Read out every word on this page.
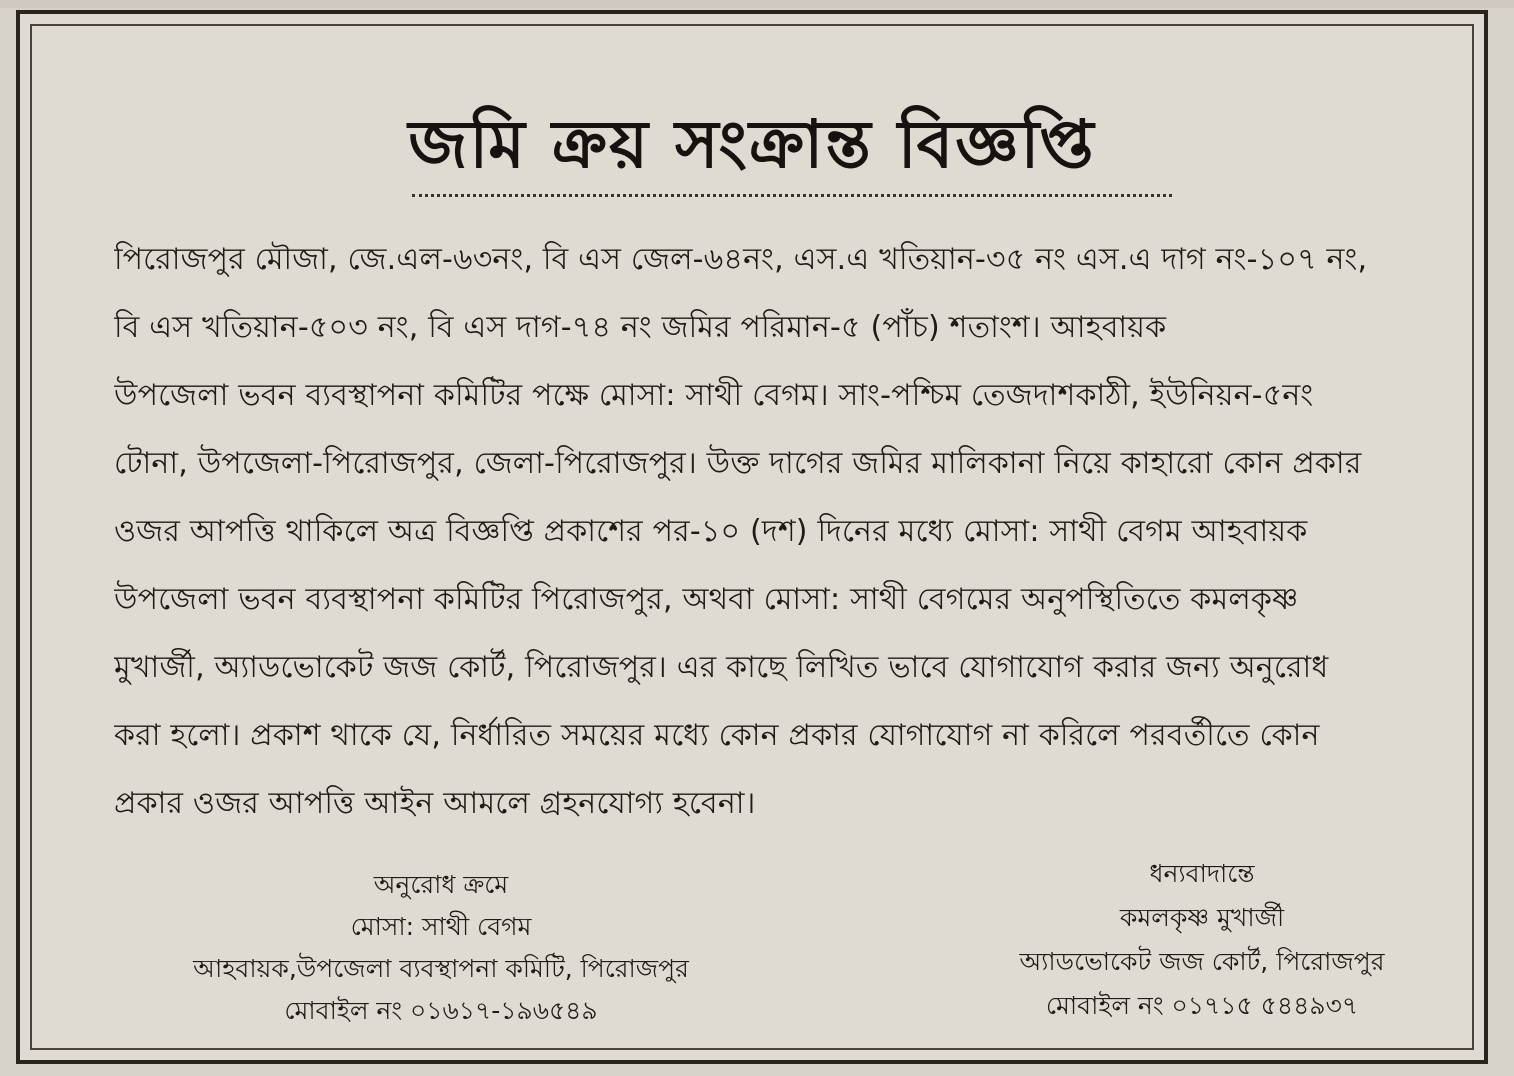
জমি ক্রয় সংক্রান্ত বিজ্ঞপ্তি
পিরোজপুর মৌজা, জে.এল-৬৩নং, বি এস জেল-৬৪নং, এস.এ খতিয়ান-৩৫ নং এস.এ দাগ নং-১০৭ নং,
বি এস খতিয়ান-৫০৩ নং, বি এস দাগ-৭৪ নং জমির পরিমান-৫ (পাঁচ) শতাংশ। আহবায়ক
উপজেলা ভবন ব্যবস্থাপনা কমিটির পক্ষে মোসা: সাথী বেগম। সাং-পশ্চিম তেজদাশকাঠী, ইউনিয়ন-৫নং
টোনা, উপজেলা-পিরোজপুর, জেলা-পিরোজপুর। উক্ত দাগের জমির মালিকানা নিয়ে কাহারো কোন প্রকার
ওজর আপত্তি থাকিলে অত্র বিজ্ঞপ্তি প্রকাশের পর-১০ (দশ) দিনের মধ্যে মোসা: সাথী বেগম আহবায়ক
উপজেলা ভবন ব্যবস্থাপনা কমিটির পিরোজপুর, অথবা মোসা: সাথী বেগমের অনুপস্থিতিতে কমলকৃষ্ণ
মুখার্জী, অ্যাডভোকেট জজ কোর্ট, পিরোজপুর। এর কাছে লিখিত ভাবে যোগাযোগ করার জন্য অনুরোধ
করা হলো। প্রকাশ থাকে যে, নির্ধারিত সময়ের মধ্যে কোন প্রকার যোগাযোগ না করিলে পরবর্তীতে কোন
প্রকার ওজর আপত্তি আইন আমলে গ্রহনযোগ্য হবেনা।
অনুরোধ ক্রমে
মোসা: সাথী বেগম
আহবায়ক,উপজেলা ব্যবস্থাপনা কমিটি, পিরোজপুর
মোবাইল নং ০১৬১৭-১৯৬৫৪৯
ধন্যবাদান্তে
কমলকৃষ্ণ মুখার্জী
অ্যাডভোকেট জজ কোর্ট, পিরোজপুর
মোবাইল নং ০১৭১৫ ৫৪৪৯৩৭
